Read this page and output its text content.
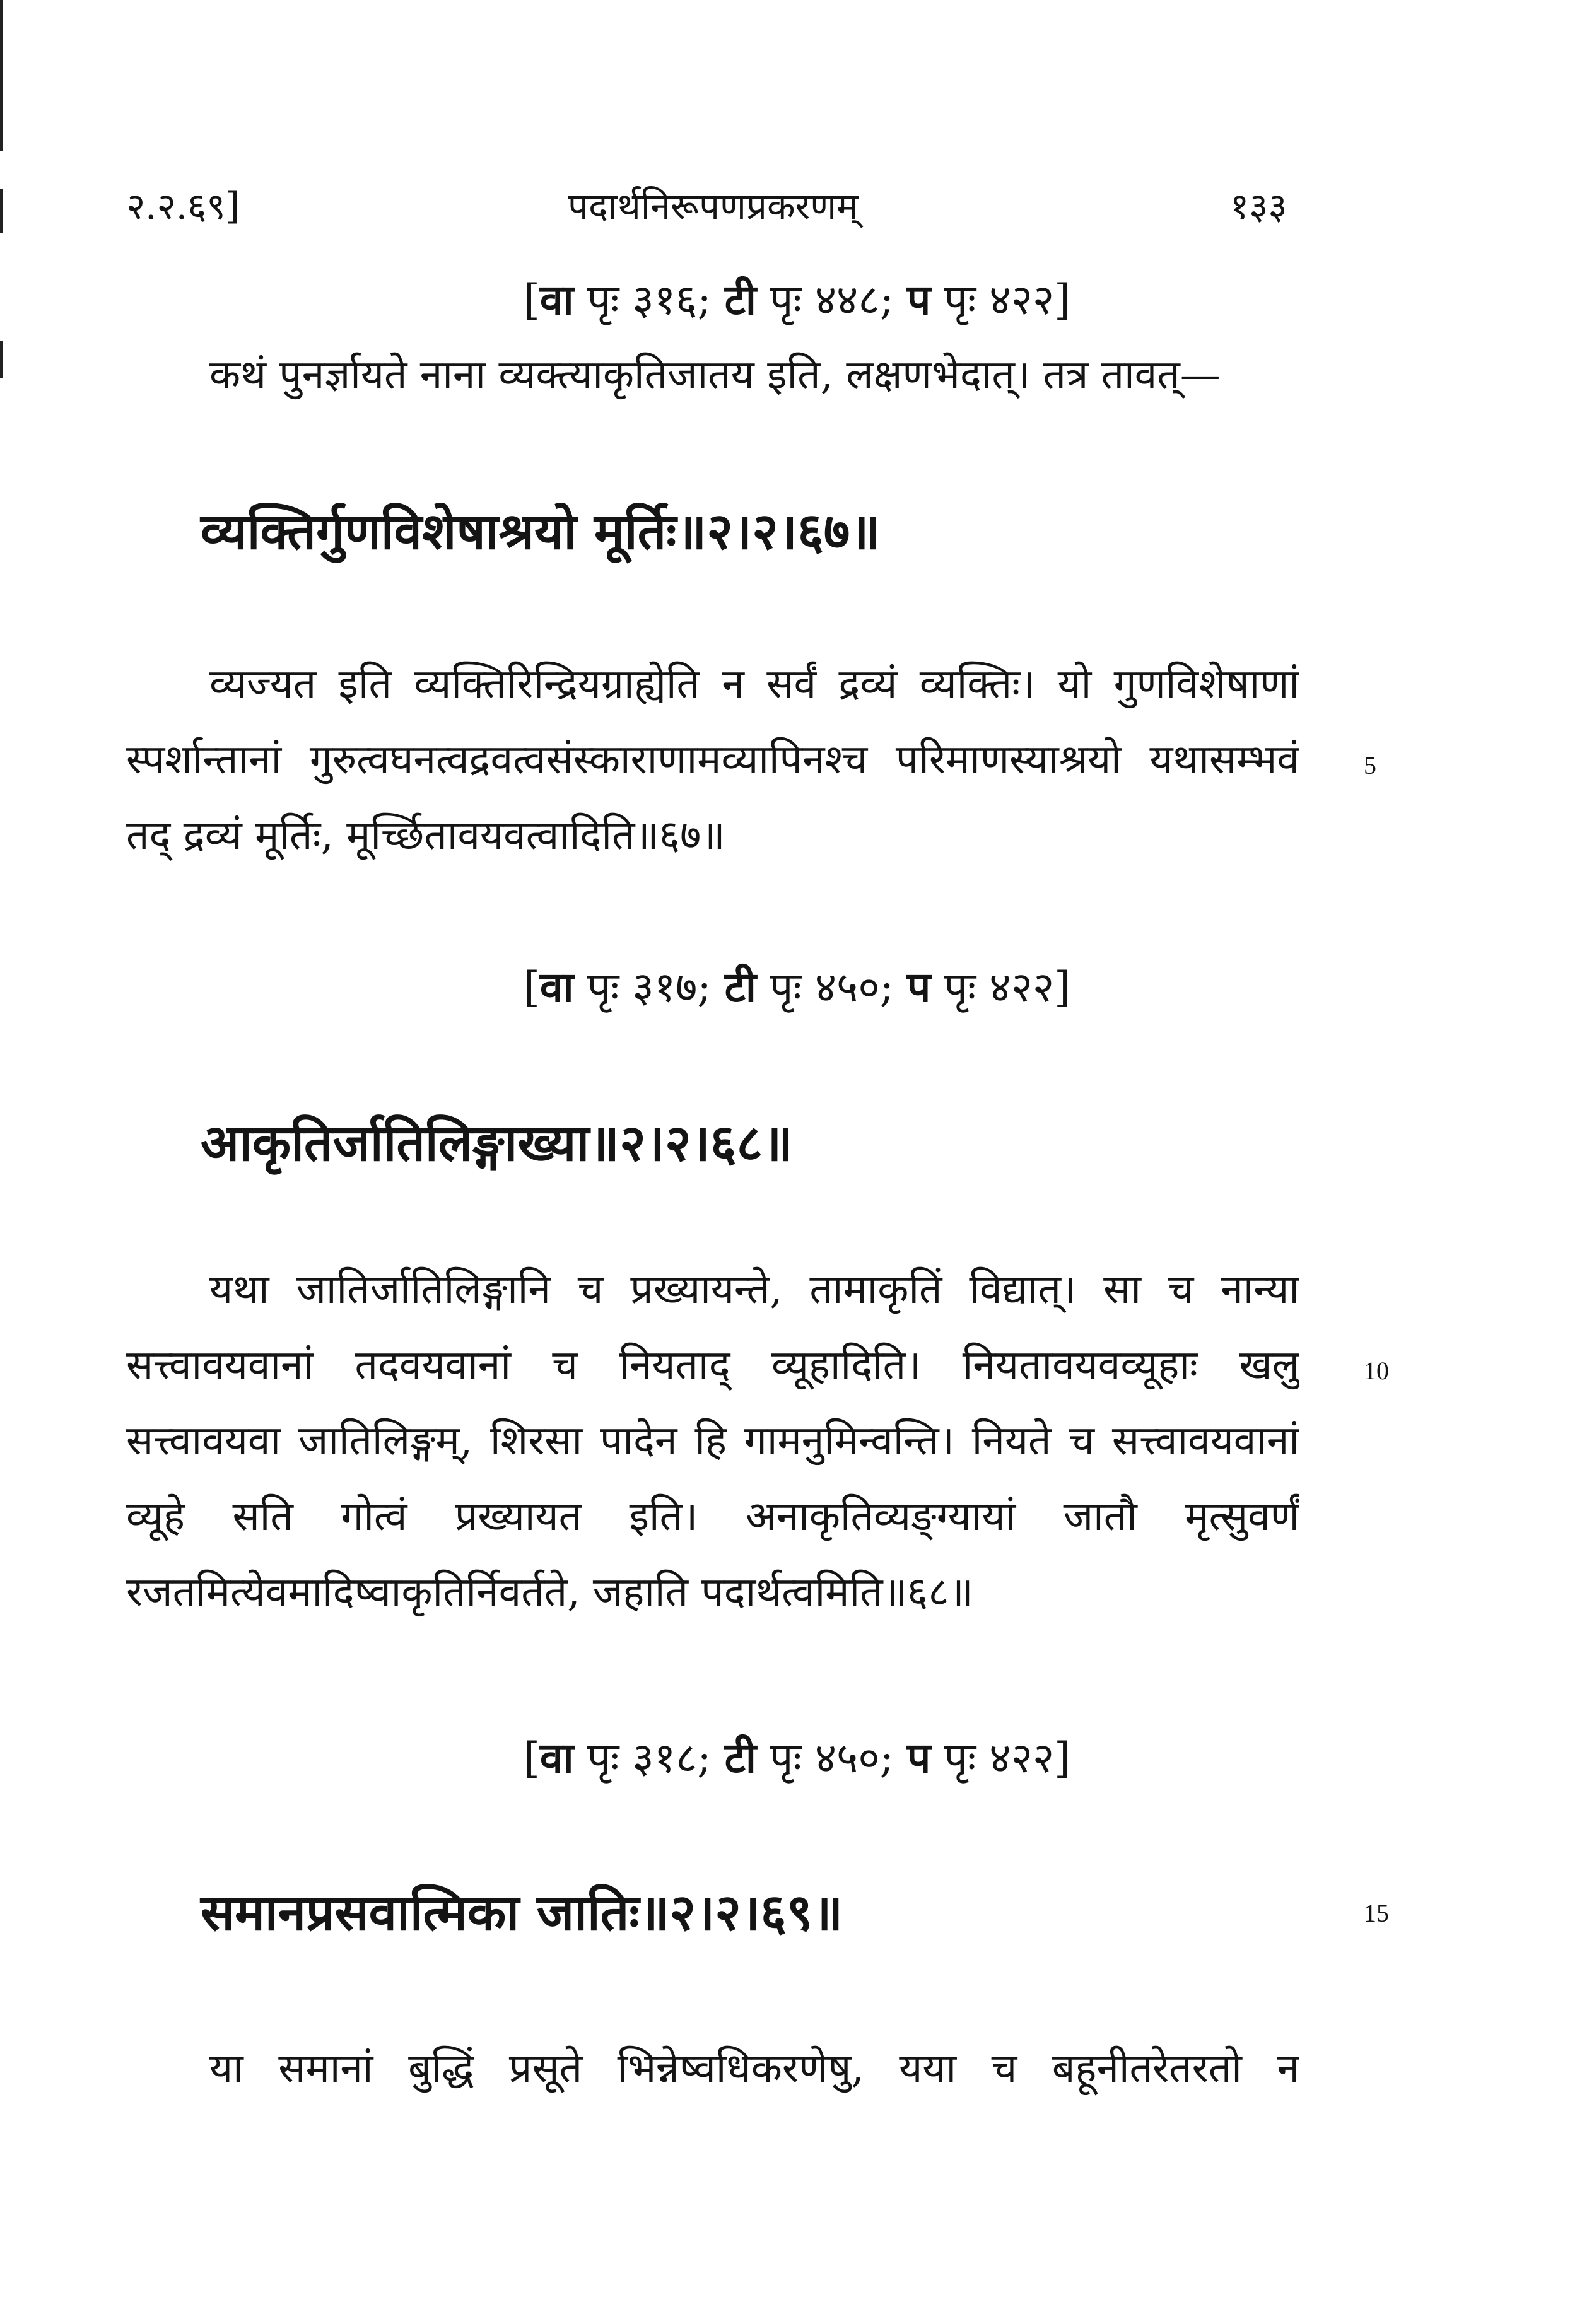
२.२.६९]	पदार्थनिरूपणप्रकरणम्	१३३
[वा पृः ३१६; टी पृः ४४८; प पृः ४२२]
कथं पुनर्ज्ञायते नाना व्यक्त्याकृतिजातय इति, लक्षणभेदात्। तत्र तावत्—
व्यक्तिर्गुणविशेषाश्रयो मूर्तिः॥२।२।६७॥
व्यज्यत इति व्यक्तिरिन्द्रियग्राह्येति न सर्वं द्रव्यं व्यक्तिः। यो गुणविशेषाणां
स्पर्शान्तानां गुरुत्वघनत्वद्रवत्वसंस्काराणामव्यापिनश्च परिमाणस्याश्रयो यथासम्भवं
तद् द्रव्यं मूर्तिः, मूर्च्छितावयवत्वादिति॥६७॥
5
[वा पृः ३१७; टी पृः ४५०; प पृः ४२२]
आकृतिर्जातिलिङ्गाख्या॥२।२।६८॥
यथा जातिर्जातिलिङ्गानि च प्रख्यायन्ते, तामाकृतिं विद्यात्। सा च नान्या
सत्त्वावयवानां तदवयवानां च नियताद् व्यूहादिति। नियतावयवव्यूहाः खलु
सत्त्वावयवा जातिलिङ्गम्, शिरसा पादेन हि गामनुमिन्वन्ति। नियते च सत्त्वावयवानां
व्यूहे सति गोत्वं प्रख्यायत इति। अनाकृतिव्यङ्ग्यायां जातौ मृत्सुवर्णं
रजतमित्येवमादिष्वाकृतिर्निवर्तते, जहाति पदार्थत्वमिति॥६८॥
10
[वा पृः ३१८; टी पृः ४५०; प पृः ४२२]
समानप्रसवात्मिका जातिः॥२।२।६९॥	15
या समानां बुद्धिं प्रसूते भिन्नेष्वधिकरणेषु, यया च बहूनीतरेतरतो न
